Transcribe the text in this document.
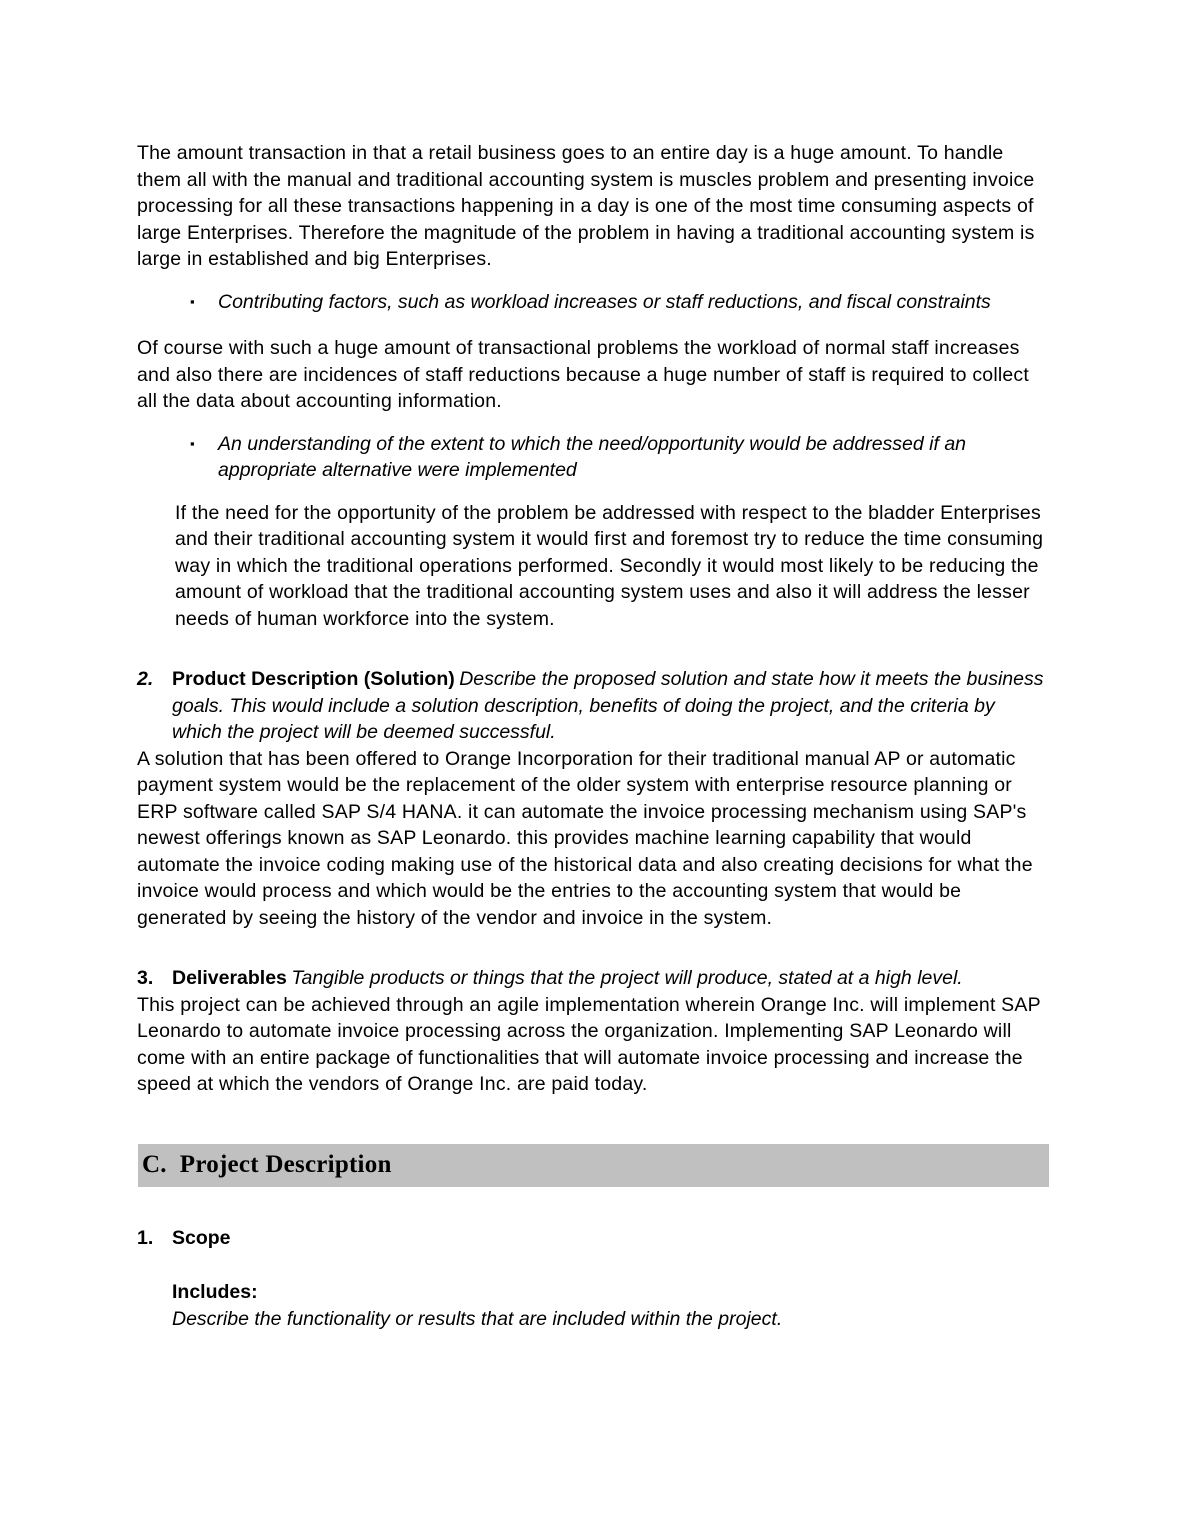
The amount transaction in that a retail business goes to an entire day is a huge amount. To handle them all with the manual and traditional accounting system is muscles problem and presenting invoice processing for all these transactions happening in a day is one of the most time consuming aspects of large Enterprises. Therefore the magnitude of the problem in having a traditional accounting system is large in established and big Enterprises.

▪	Contributing factors, such as workload increases or staff reductions, and fiscal constraints

Of course with such a huge amount of transactional problems the workload of normal staff increases and also there are incidences of staff reductions because a huge number of staff is required to collect all the data about accounting information.

▪	An understanding of the extent to which the need/opportunity would be addressed if an appropriate alternative were implemented

If the need for the opportunity of the problem be addressed with respect to the bladder Enterprises and their traditional accounting system it would first and foremost try to reduce the time consuming way in which the traditional operations performed. Secondly it would most likely to be reducing the amount of workload that the traditional accounting system uses and also it will address the lesser needs of human workforce into the system.

2. Product Description (Solution) Describe the proposed solution and state how it meets the business goals. This would include a solution description, benefits of doing the project, and the criteria by which the project will be deemed successful.

A solution that has been offered to Orange Incorporation for their traditional manual AP or automatic payment system would be the replacement of the older system with enterprise resource planning or ERP software called SAP S/4 HANA. it can automate the invoice processing mechanism using SAP's newest offerings known as SAP Leonardo. this provides machine learning capability that would automate the invoice coding making use of the historical data and also creating decisions for what the invoice would process and which would be the entries to the accounting system that would be generated by seeing the history of the vendor and invoice in the system.

3. Deliverables Tangible products or things that the project will produce, stated at a high level.

This project can be achieved through an agile implementation wherein Orange Inc. will implement SAP Leonardo to automate invoice processing across the organization. Implementing SAP Leonardo will come with an entire package of functionalities that will automate invoice processing and increase the speed at which the vendors of Orange Inc. are paid today.

C.  Project Description
1. Scope
Includes:
Describe the functionality or results that are included within the project.
